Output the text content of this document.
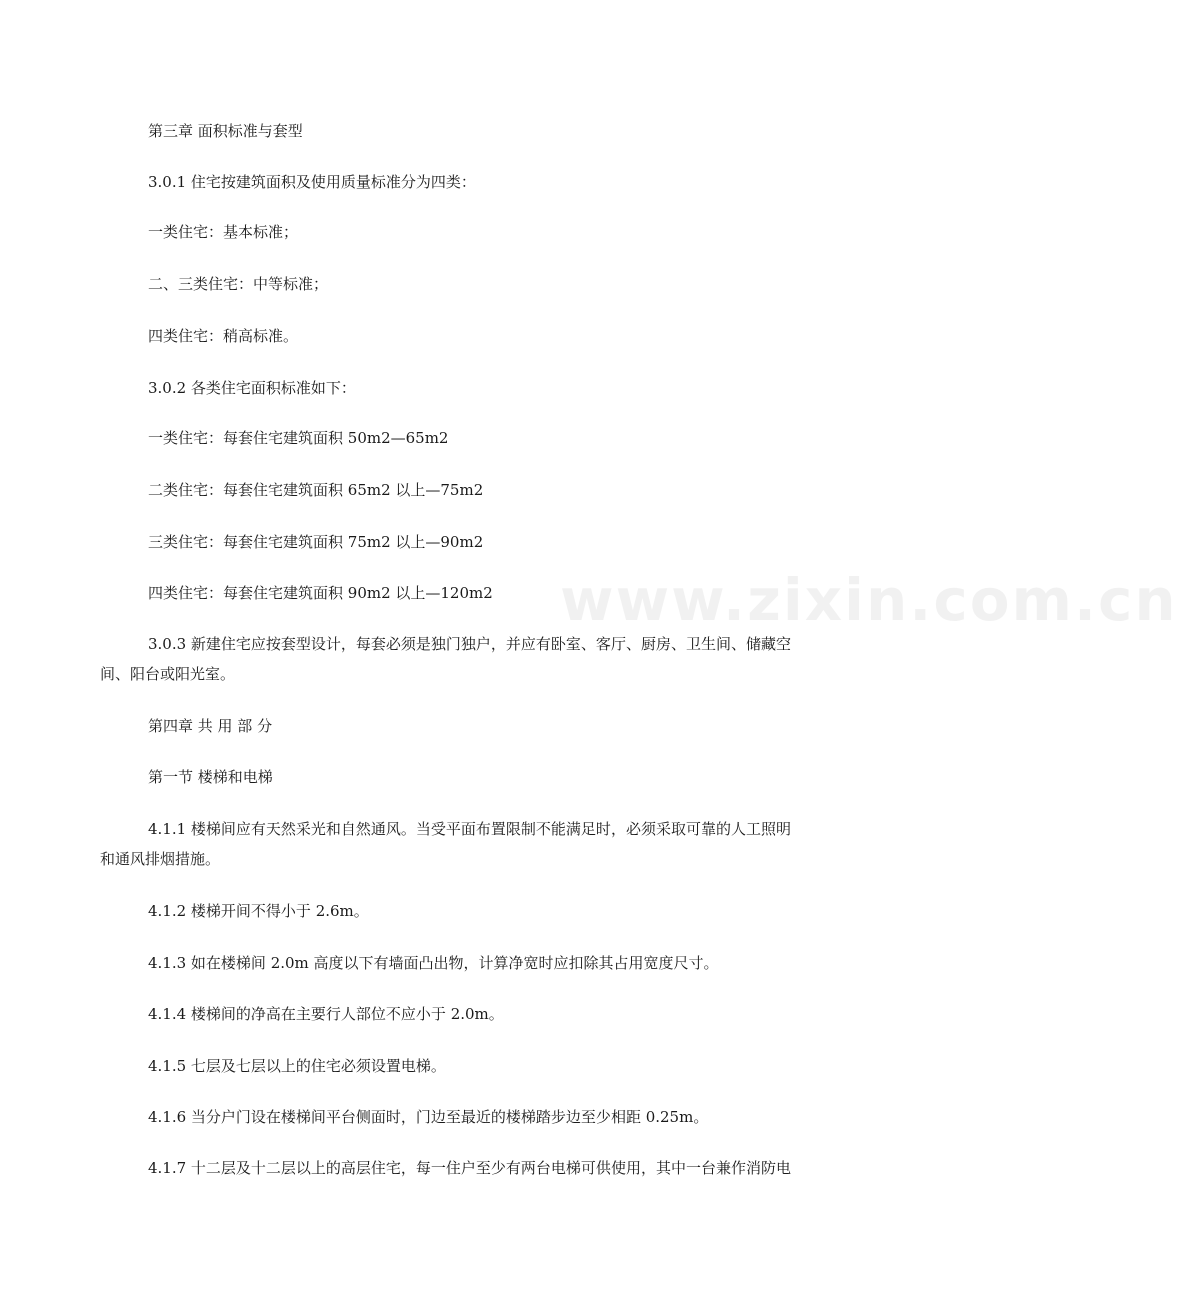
www.zixin.com.cn
第三章 面积标准与套型
3.0.1 住宅按建筑面积及使用质量标准分为四类：
一类住宅：基本标准；
二、三类住宅：中等标准；
四类住宅：稍高标准。
3.0.2 各类住宅面积标准如下：
一类住宅：每套住宅建筑面积 50m2—65m2
二类住宅：每套住宅建筑面积 65m2 以上—75m2
三类住宅：每套住宅建筑面积 75m2 以上—90m2
四类住宅：每套住宅建筑面积 90m2 以上—120m2
3.0.3 新建住宅应按套型设计，每套必须是独门独户，并应有卧室、客厅、厨房、卫生间、储藏空
间、阳台或阳光室。
第四章 共 用 部 分
第一节 楼梯和电梯
4.1.1 楼梯间应有天然采光和自然通风。当受平面布置限制不能满足时，必须采取可靠的人工照明
和通风排烟措施。
4.1.2 楼梯开间不得小于 2.6m。
4.1.3 如在楼梯间 2.0m 高度以下有墙面凸出物，计算净宽时应扣除其占用宽度尺寸。
4.1.4 楼梯间的净高在主要行人部位不应小于 2.0m。
4.1.5 七层及七层以上的住宅必须设置电梯。
4.1.6 当分户门设在楼梯间平台侧面时，门边至最近的楼梯踏步边至少相距 0.25m。
4.1.7 十二层及十二层以上的高层住宅，每一住户至少有两台电梯可供使用，其中一台兼作消防电
